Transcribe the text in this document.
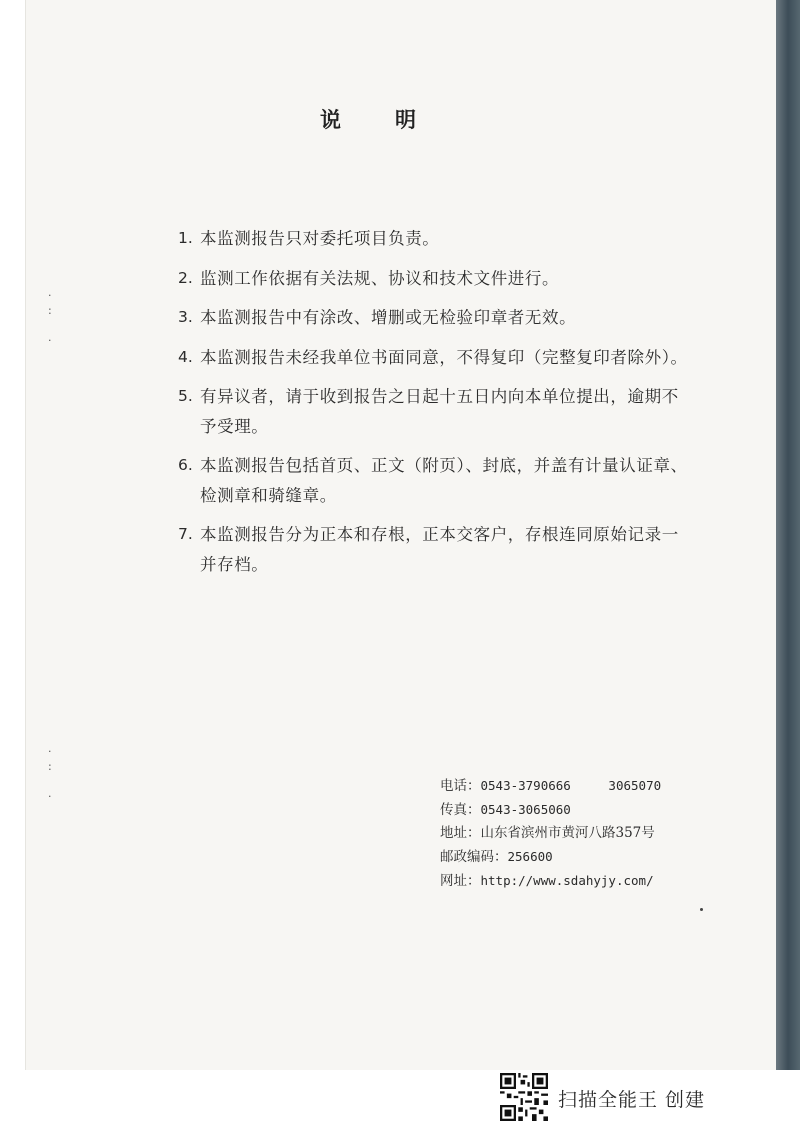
说明
1. 本监测报告只对委托项目负责。
2. 监测工作依据有关法规、协议和技术文件进行。
3. 本监测报告中有涂改、增删或无检验印章者无效。
4. 本监测报告未经我单位书面同意，不得复印（完整复印者除外）。
5. 有异议者，请于收到报告之日起十五日内向本单位提出，逾期不
予受理。
6. 本监测报告包括首页、正文（附页）、封底，并盖有计量认证章、
检测章和骑缝章。
7. 本监测报告分为正本和存根，正本交客户，存根连同原始记录一
并存档。
电话：0543-3790666     3065070
传真：0543-3065060
地址：山东省滨州市黄河八路357号
邮政编码：256600
网址：http://www.sdahyjy.com/
·
:

·
·
:

·
扫描全能王 创建
